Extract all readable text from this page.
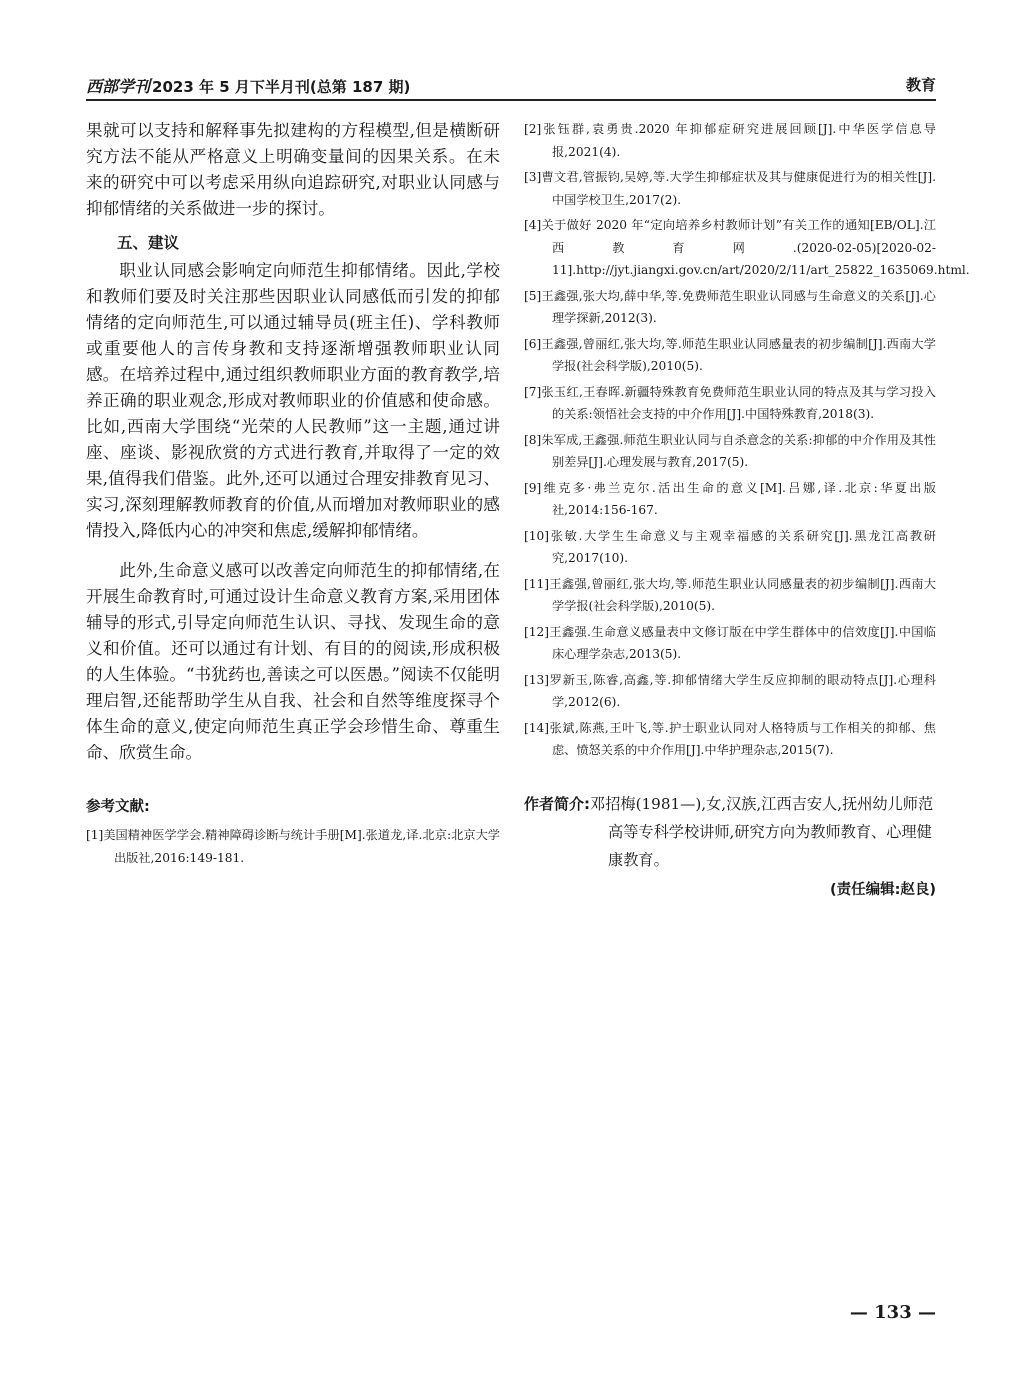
西部学刊 2023 年 5 月下半月刊(总第 187 期)	教育

果就可以支持和解释事先拟建构的方程模型,但是横断研究方法不能从严格意义上明确变量间的因果关系。在未来的研究中可以考虑采用纵向追踪研究,对职业认同感与抑郁情绪的关系做进一步的探讨。

五、建议

职业认同感会影响定向师范生抑郁情绪。因此,学校和教师们要及时关注那些因职业认同感低而引发的抑郁情绪的定向师范生,可以通过辅导员(班主任)、学科教师或重要他人的言传身教和支持逐渐增强教师职业认同感。在培养过程中,通过组织教师职业方面的教育教学,培养正确的职业观念,形成对教师职业的价值感和使命感。比如,西南大学围绕“光荣的人民教师”这一主题,通过讲座、座谈、影视欣赏的方式进行教育,并取得了一定的效果,值得我们借鉴。此外,还可以通过合理安排教育见习、实习,深刻理解教师教育的价值,从而增加对教师职业的感情投入,降低内心的冲突和焦虑,缓解抑郁情绪。

此外,生命意义感可以改善定向师范生的抑郁情绪,在开展生命教育时,可通过设计生命意义教育方案,采用团体辅导的形式,引导定向师范生认识、寻找、发现生命的意义和价值。还可以通过有计划、有目的的阅读,形成积极的人生体验。“书犹药也,善读之可以医愚。”阅读不仅能明理启智,还能帮助学生从自我、社会和自然等维度探寻个体生命的意义,使定向师范生真正学会珍惜生命、尊重生命、欣赏生命。

参考文献:

[1]美国精神医学学会.精神障碍诊断与统计手册[M].张道龙,译.北京:北京大学出版社,2016:149-181.

[2]张钰群,袁勇贵.2020 年抑郁症研究进展回顾[J].中华医学信息导报,2021(4).

[3]曹文君,管振钧,吴婷,等.大学生抑郁症状及其与健康促进行为的相关性[J].中国学校卫生,2017(2).

[4]关于做好 2020 年“定向培养乡村教师计划”有关工作的通知[EB/OL].江西教育网.(2020-02-05)[2020-02-11].http://jyt.jiangxi.gov.cn/art/2020/2/11/art_25822_1635069.html.

[5]王鑫强,张大均,薛中华,等.免费师范生职业认同感与生命意义的关系[J].心理学探新,2012(3).

[6]王鑫强,曾丽红,张大均,等.师范生职业认同感量表的初步编制[J].西南大学学报(社会科学版),2010(5).

[7]张玉红,王春晖.新疆特殊教育免费师范生职业认同的特点及其与学习投入的关系:领悟社会支持的中介作用[J].中国特殊教育,2018(3).

[8]朱军成,王鑫强.师范生职业认同与自杀意念的关系:抑郁的中介作用及其性别差异[J].心理发展与教育,2017(5).

[9]维克多·弗兰克尔.活出生命的意义[M].吕娜,译.北京:华夏出版社,2014:156-167.

[10]张敏.大学生生命意义与主观幸福感的关系研究[J].黑龙江高教研究,2017(10).

[11]王鑫强,曾丽红,张大均,等.师范生职业认同感量表的初步编制[J].西南大学学报(社会科学版),2010(5).

[12]王鑫强.生命意义感量表中文修订版在中学生群体中的信效度[J].中国临床心理学杂志,2013(5).

[13]罗新玉,陈睿,高鑫,等.抑郁情绪大学生反应抑制的眼动特点[J].心理科学,2012(6).

[14]张斌,陈燕,王叶飞,等.护士职业认同对人格特质与工作相关的抑郁、焦虑、愤怒关系的中介作用[J].中华护理杂志,2015(7).

作者简介:邓招梅(1981—),女,汉族,江西吉安人,抚州幼儿师范高等专科学校讲师,研究方向为教师教育、心理健康教育。
(责任编辑:赵良)
— 133 —
